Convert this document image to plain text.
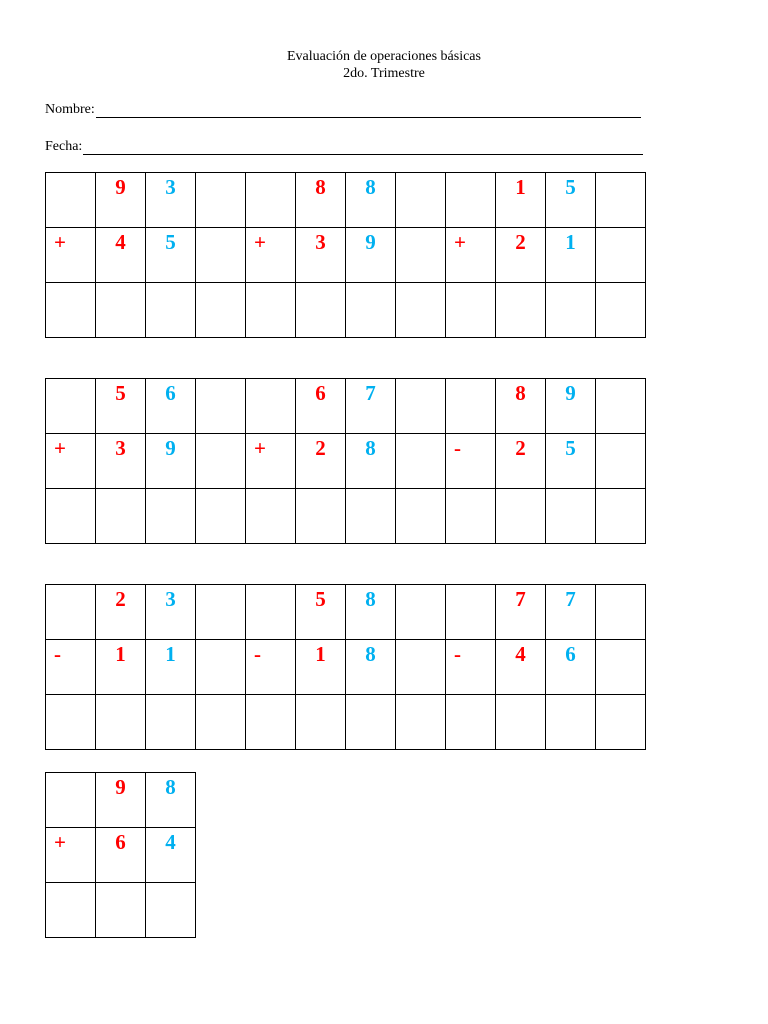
Evaluación de operaciones básicas
2do. Trimestre
Nombre:
Fecha:
	9	3			8	8			1	5	
+	4	5		+	3	9		+	2	1	

	5	6			6	7			8	9	
+	3	9		+	2	8		-	2	5	

	2	3			5	8			7	7	
-	1	1		-	1	8		-	4	6	

	9	8
+	6	4
